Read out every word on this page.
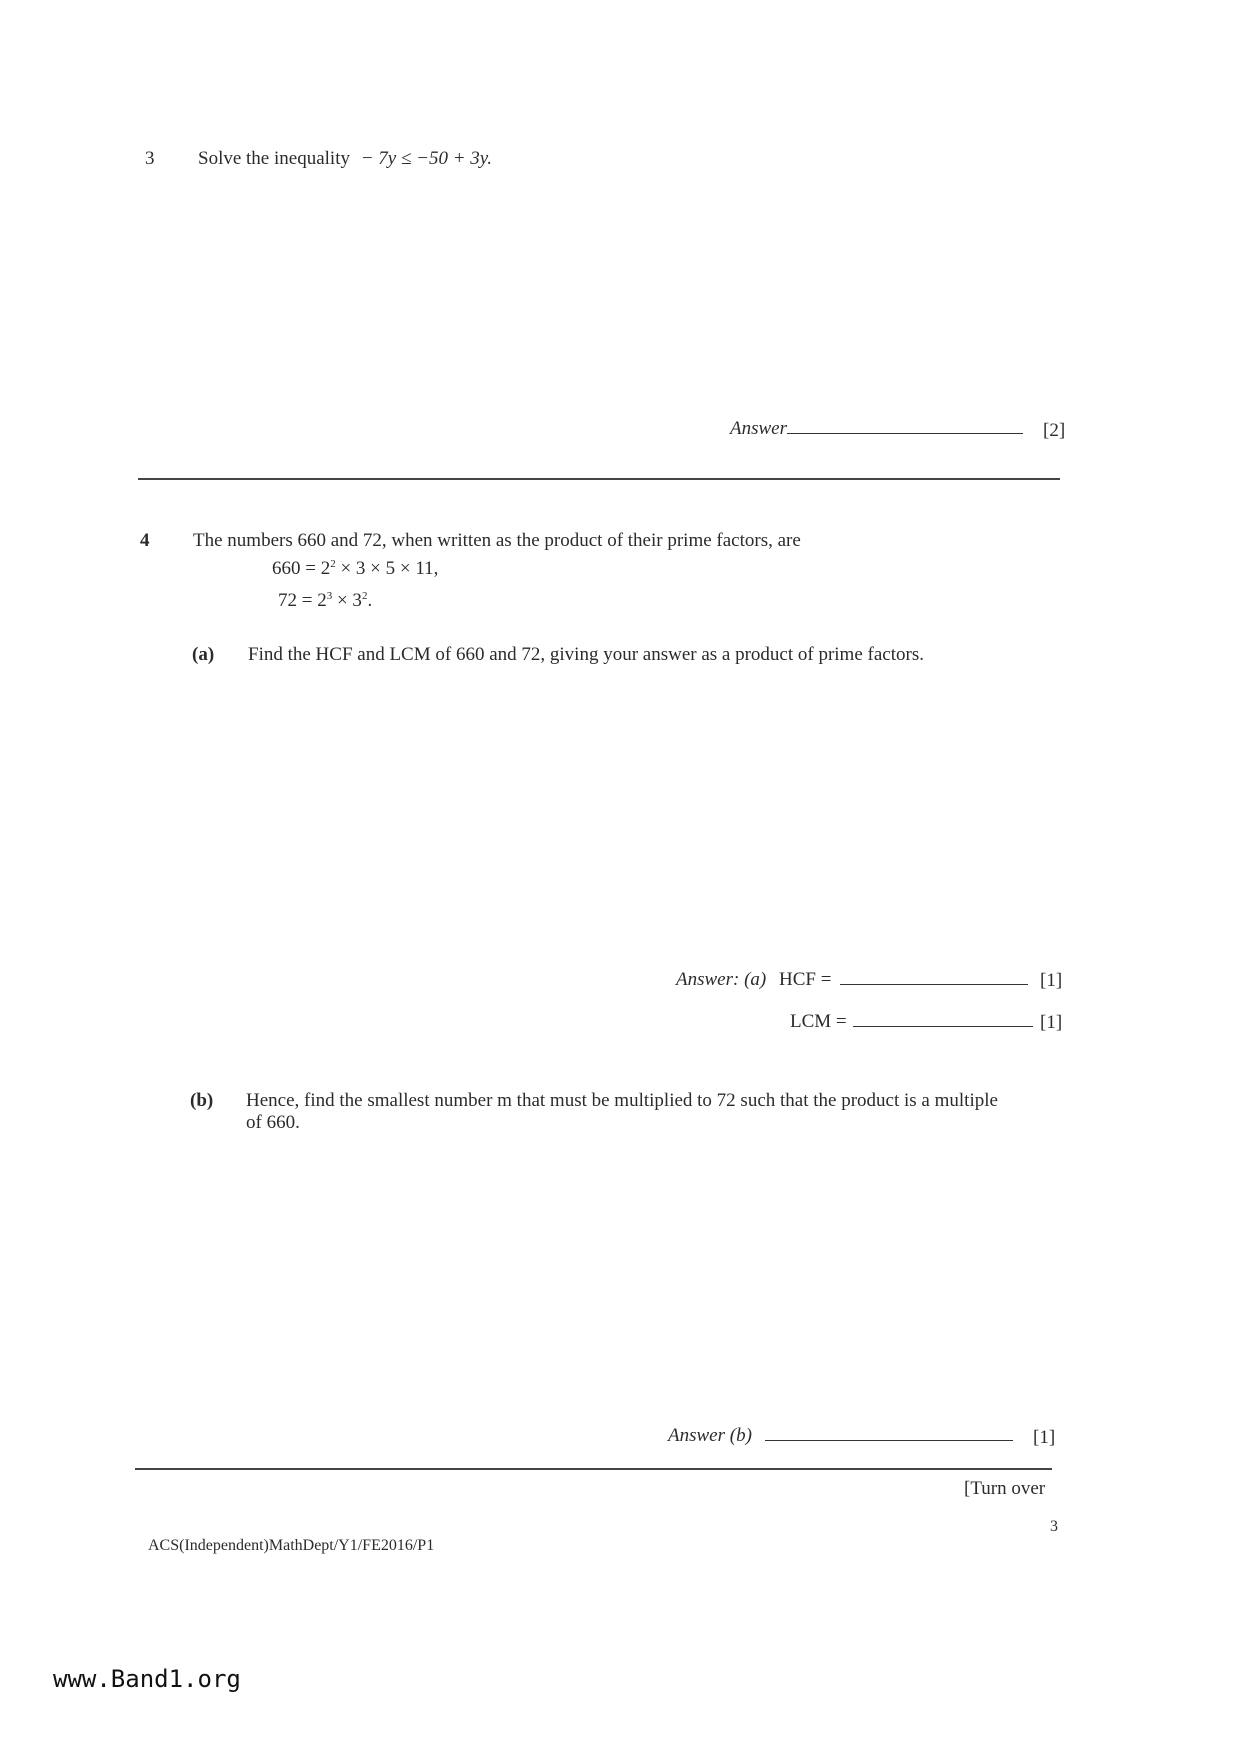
3 Solve the inequality − 7y ≤ −50 + 3y.
Answer	[2]
4 The numbers 660 and 72, when written as the product of their prime factors, are
$660 = 2^2 \times 3 \times 5 \times 11$,
$72 = 2^3 \times 3^2$.
(a) Find the HCF and LCM of 660 and 72, giving your answer as a product of prime factors.
Answer: (a) HCF =	[1]
LCM =	[1]
(b) Hence, find the smallest number m that must be multiplied to 72 such that the product is a multiple
of 660.
Answer (b)	[1]
[Turn over
3
ACS(Independent)MathDept/Y1/FE2016/P1
www.Band1.org
